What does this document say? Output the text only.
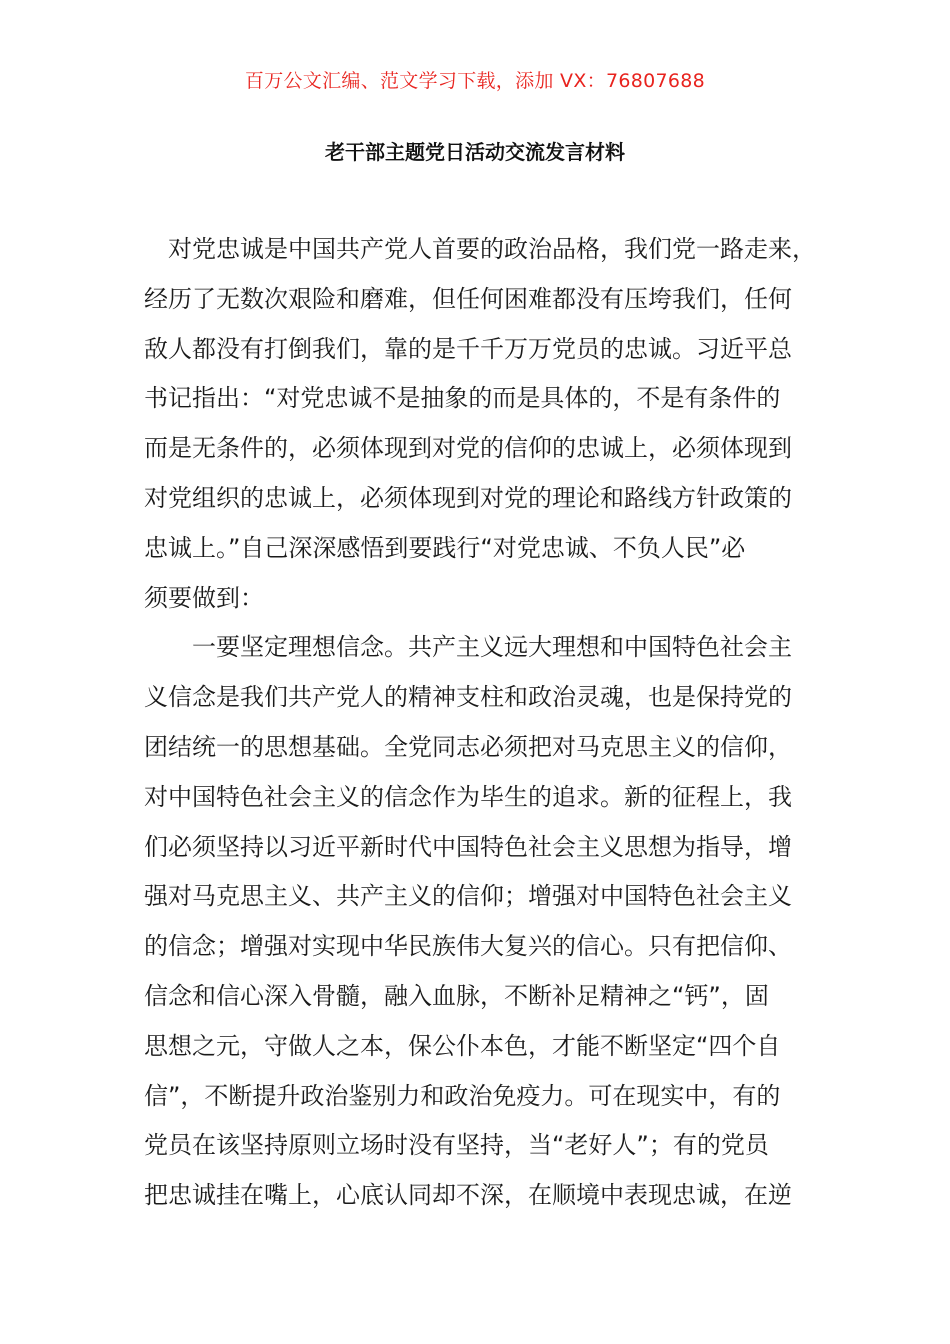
百万公文汇编、范文学习下载，添加 VX：76807688
老干部主题党日活动交流发言材料
对党忠诚是中国共产党人首要的政治品格，我们党一路走来，
经历了无数次艰险和磨难，但任何困难都没有压垮我们，任何
敌人都没有打倒我们，靠的是千千万万党员的忠诚。习近平总
书记指出：“对党忠诚不是抽象的而是具体的，不是有条件的
而是无条件的，必须体现到对党的信仰的忠诚上，必须体现到
对党组织的忠诚上，必须体现到对党的理论和路线方针政策的
忠诚上。”自己深深感悟到要践行“对党忠诚、不负人民”必
须要做到：
一要坚定理想信念。共产主义远大理想和中国特色社会主
义信念是我们共产党人的精神支柱和政治灵魂，也是保持党的
团结统一的思想基础。全党同志必须把对马克思主义的信仰，
对中国特色社会主义的信念作为毕生的追求。新的征程上，我
们必须坚持以习近平新时代中国特色社会主义思想为指导，增
强对马克思主义、共产主义的信仰；增强对中国特色社会主义
的信念；增强对实现中华民族伟大复兴的信心。只有把信仰、
信念和信心深入骨髓，融入血脉，不断补足精神之“钙”，固
思想之元，守做人之本，保公仆本色，才能不断坚定“四个自
信”，不断提升政治鉴别力和政治免疫力。可在现实中，有的
党员在该坚持原则立场时没有坚持，当“老好人”；有的党员
把忠诚挂在嘴上，心底认同却不深，在顺境中表现忠诚，在逆
